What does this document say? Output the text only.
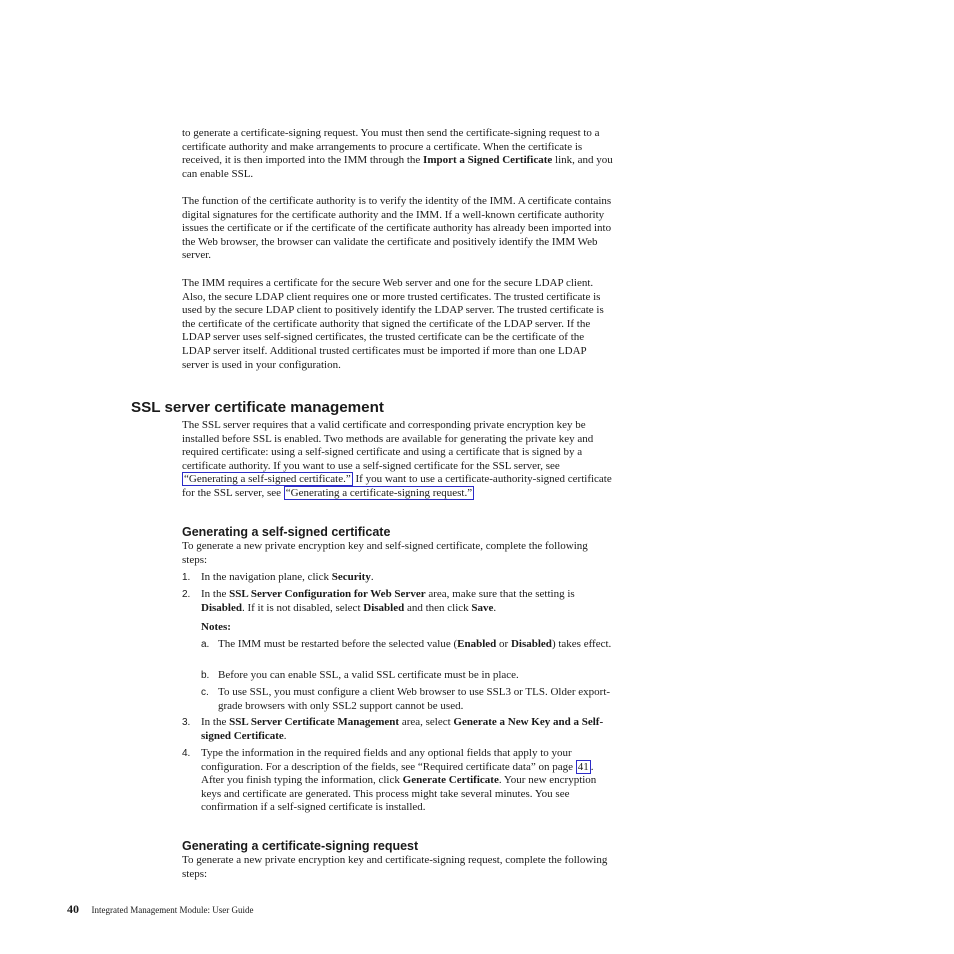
to generate a certificate-signing request. You must then send the certificate-signing request to a certificate authority and make arrangements to procure a certificate. When the certificate is received, it is then imported into the IMM through the Import a Signed Certificate link, and you can enable SSL.

The function of the certificate authority is to verify the identity of the IMM. A certificate contains digital signatures for the certificate authority and the IMM. If a well-known certificate authority issues the certificate or if the certificate of the certificate authority has already been imported into the Web browser, the browser can validate the certificate and positively identify the IMM Web server.

The IMM requires a certificate for the secure Web server and one for the secure LDAP client. Also, the secure LDAP client requires one or more trusted certificates. The trusted certificate is used by the secure LDAP client to positively identify the LDAP server. The trusted certificate is the certificate of the certificate authority that signed the certificate of the LDAP server. If the LDAP server uses self-signed certificates, the trusted certificate can be the certificate of the LDAP server itself. Additional trusted certificates must be imported if more than one LDAP server is used in your configuration.

SSL server certificate management

The SSL server requires that a valid certificate and corresponding private encryption key be installed before SSL is enabled. Two methods are available for generating the private key and required certificate: using a self-signed certificate and using a certificate that is signed by a certificate authority. If you want to use a self-signed certificate for the SSL server, see “Generating a self-signed certificate.” If you want to use a certificate-authority-signed certificate for the SSL server, see “Generating a certificate-signing request.”

Generating a self-signed certificate

To generate a new private encryption key and self-signed certificate, complete the following steps:

1. In the navigation plane, click Security.
2. In the SSL Server Configuration for Web Server area, make sure that the setting is Disabled. If it is not disabled, select Disabled and then click Save.
Notes:
a. The IMM must be restarted before the selected value (Enabled or Disabled) takes effect.
b. Before you can enable SSL, a valid SSL certificate must be in place.
c. To use SSL, you must configure a client Web browser to use SSL3 or TLS. Older export-grade browsers with only SSL2 support cannot be used.
3. In the SSL Server Certificate Management area, select Generate a New Key and a Self-signed Certificate.
4. Type the information in the required fields and any optional fields that apply to your configuration. For a description of the fields, see “Required certificate data” on page 41 . After you finish typing the information, click Generate Certificate. Your new encryption keys and certificate are generated. This process might take several minutes. You see confirmation if a self-signed certificate is installed.
Generating a certificate-signing request

To generate a new private encryption key and certificate-signing request, complete the following steps:

40 Integrated Management Module: User Guide
